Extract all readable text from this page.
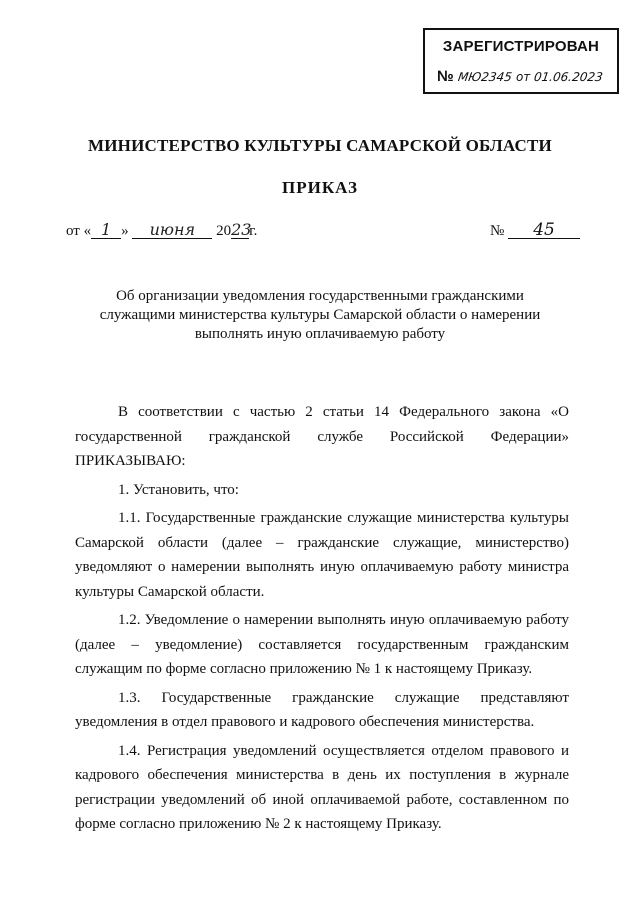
ЗАРЕГИСТРИРОВАН
№ МЮ2345 от 01.06.2023
МИНИСТЕРСТВО КУЛЬТУРЫ САМАРСКОЙ ОБЛАСТИ
ПРИКАЗ
от « 1 » июня 2023г.	№ 45
Об организации уведомления государственными гражданскими служащими министерства культуры Самарской области о намерении выполнять иную оплачиваемую работу

В соответствии с частью 2 статьи 14 Федерального закона «О государственной гражданской службе Российской Федерации» ПРИКАЗЫВАЮ:

1. Установить, что:

1.1. Государственные гражданские служащие министерства культуры Самарской области (далее – гражданские служащие, министерство) уведомляют о намерении выполнять иную оплачиваемую работу министра культуры Самарской области.

1.2. Уведомление о намерении выполнять иную оплачиваемую работу (далее – уведомление) составляется государственным гражданским служащим по форме согласно приложению № 1 к настоящему Приказу.

1.3. Государственные гражданские служащие представляют уведомления в отдел правового и кадрового обеспечения министерства.

1.4. Регистрация уведомлений осуществляется отделом правового и кадрового обеспечения министерства в день их поступления в журнале регистрации уведомлений об иной оплачиваемой работе, составленном по форме согласно приложению № 2 к настоящему Приказу.
